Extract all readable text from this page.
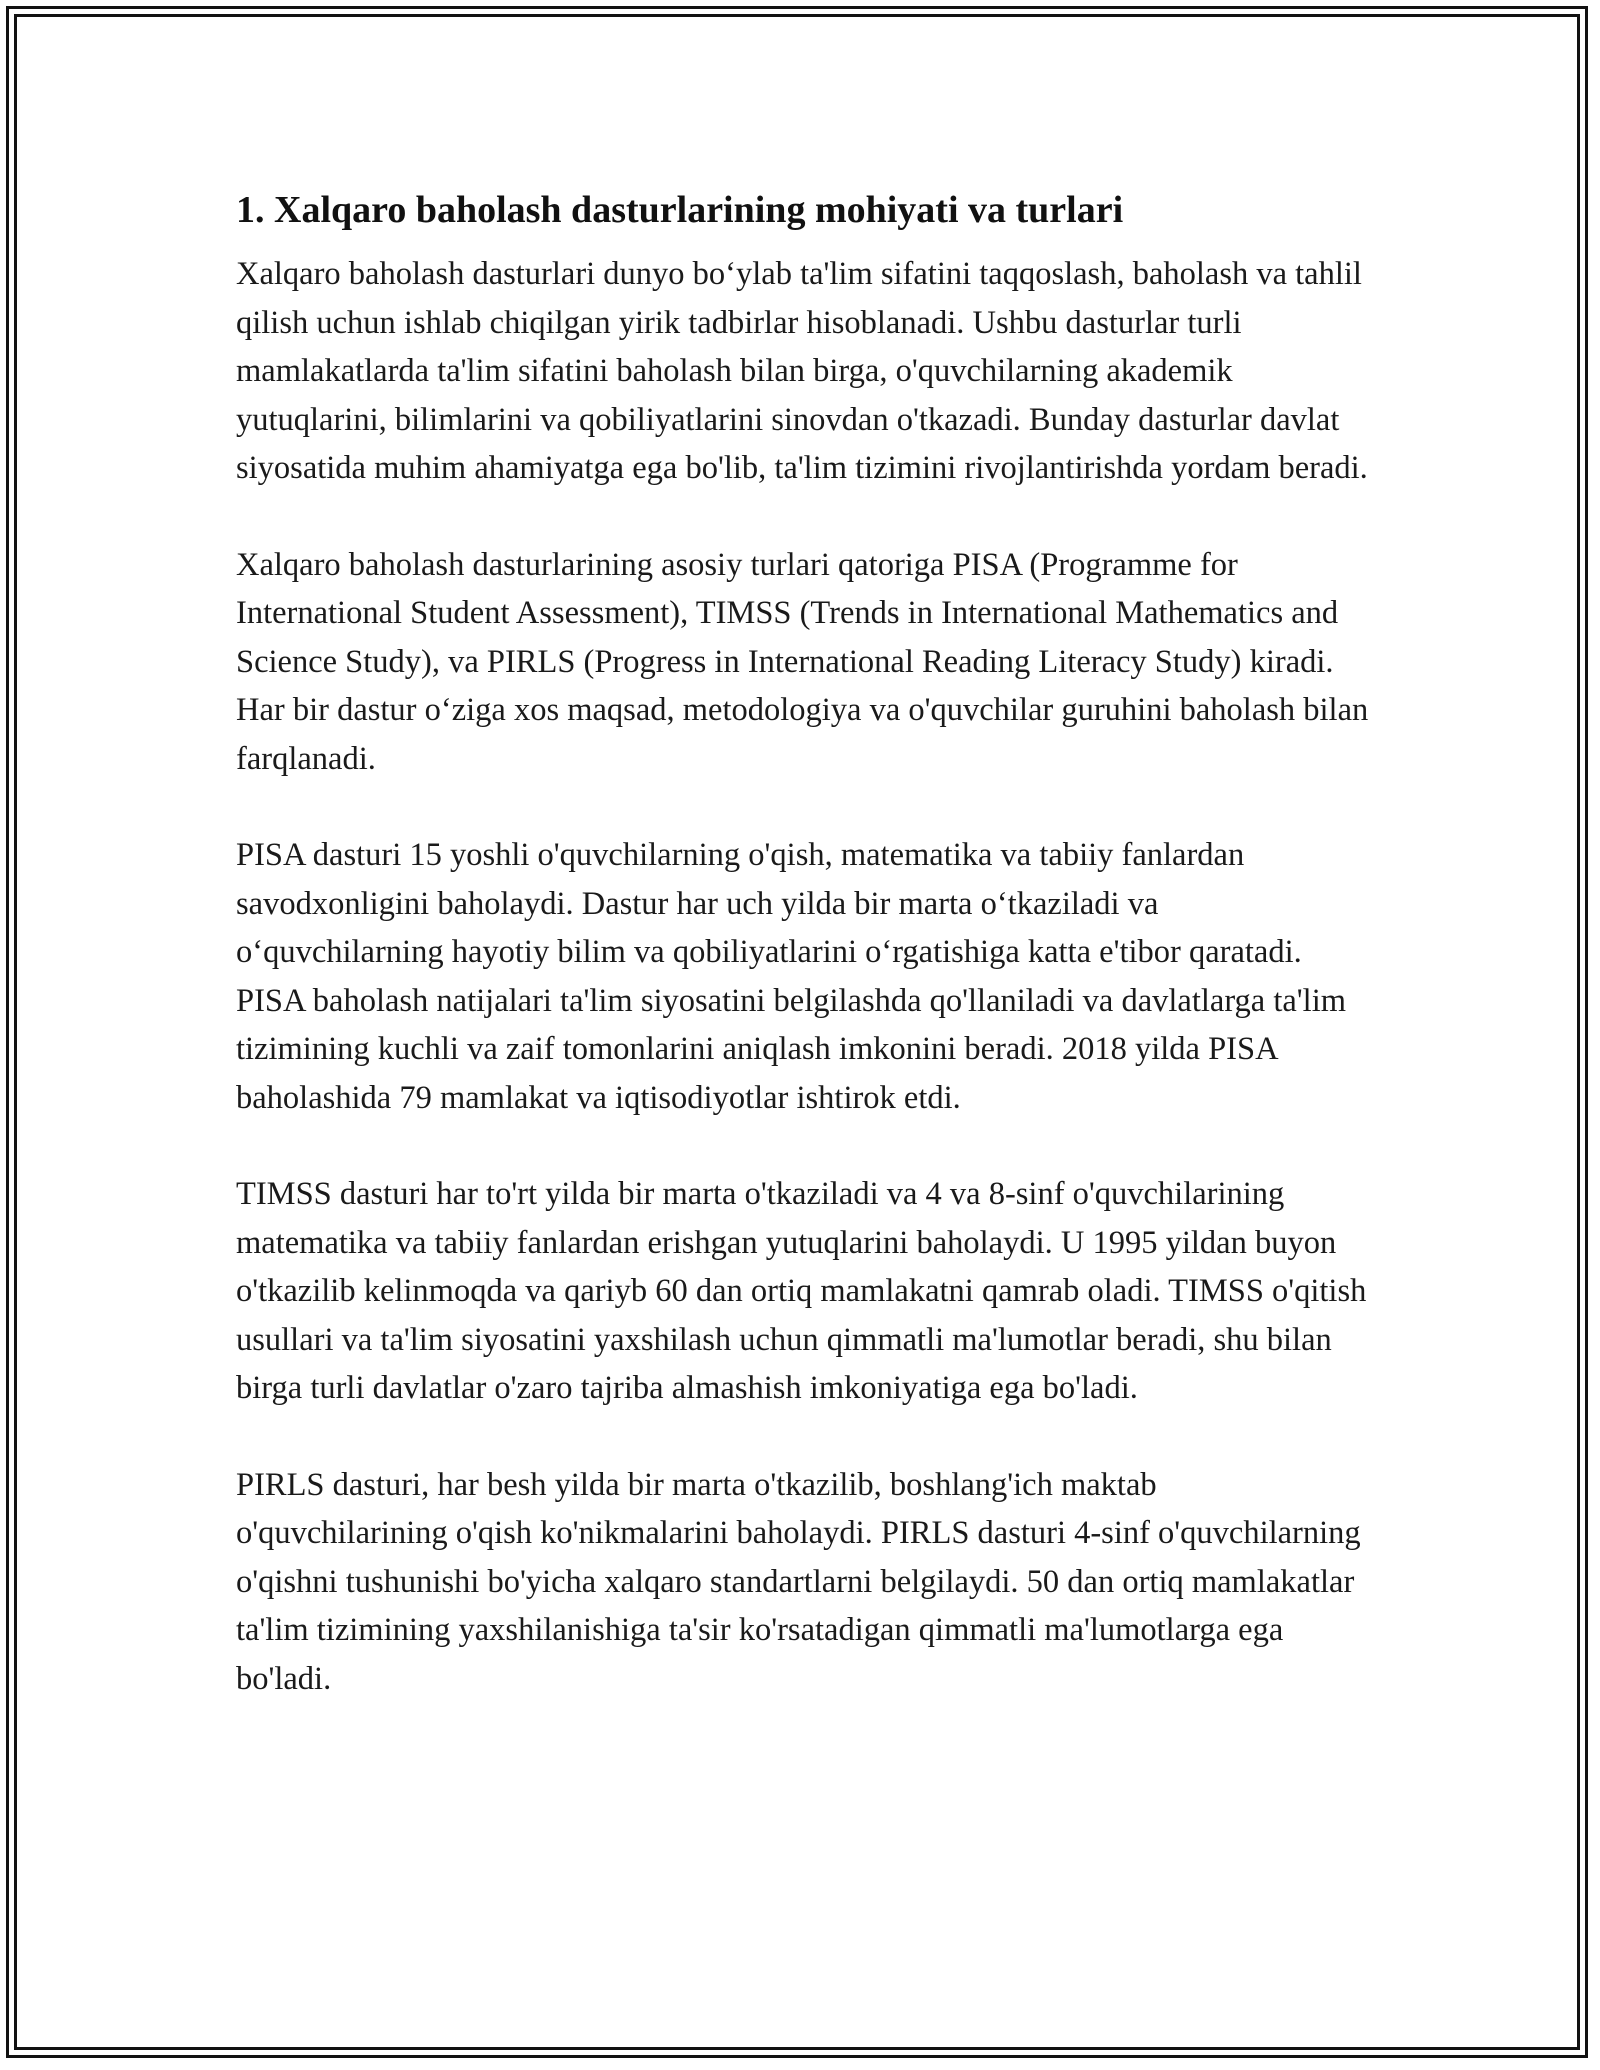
1. Xalqaro baholash dasturlarining mohiyati va turlari

Xalqaro baholash dasturlari dunyo bo‘ylab ta'lim sifatini taqqoslash, baholash va tahlil qilish uchun ishlab chiqilgan yirik tadbirlar hisoblanadi. Ushbu dasturlar turli mamlakatlarda ta'lim sifatini baholash bilan birga, o'quvchilarning akademik yutuqlarini, bilimlarini va qobiliyatlarini sinovdan o'tkazadi. Bunday dasturlar davlat siyosatida muhim ahamiyatga ega bo'lib, ta'lim tizimini rivojlantirishda yordam beradi.

Xalqaro baholash dasturlarining asosiy turlari qatoriga PISA (Programme for International Student Assessment), TIMSS (Trends in International Mathematics and Science Study), va PIRLS (Progress in International Reading Literacy Study) kiradi. Har bir dastur o‘ziga xos maqsad, metodologiya va o'quvchilar guruhini baholash bilan farqlanadi.

PISA dasturi 15 yoshli o'quvchilarning o'qish, matematika va tabiiy fanlardan savodxonligini baholaydi. Dastur har uch yilda bir marta o‘tkaziladi va o‘quvchilarning hayotiy bilim va qobiliyatlarini o‘rgatishiga katta e'tibor qaratadi. PISA baholash natijalari ta'lim siyosatini belgilashda qo'llaniladi va davlatlarga ta'lim tizimining kuchli va zaif tomonlarini aniqlash imkonini beradi. 2018 yilda PISA baholashida 79 mamlakat va iqtisodiyotlar ishtirok etdi.

TIMSS dasturi har to'rt yilda bir marta o'tkaziladi va 4 va 8-sinf o'quvchilarining matematika va tabiiy fanlardan erishgan yutuqlarini baholaydi. U 1995 yildan buyon o'tkazilib kelinmoqda va qariyb 60 dan ortiq mamlakatni qamrab oladi. TIMSS o'qitish usullari va ta'lim siyosatini yaxshilash uchun qimmatli ma'lumotlar beradi, shu bilan birga turli davlatlar o'zaro tajriba almashish imkoniyatiga ega bo'ladi.

PIRLS dasturi, har besh yilda bir marta o'tkazilib, boshlang'ich maktab o'quvchilarining o'qish ko'nikmalarini baholaydi. PIRLS dasturi 4-sinf o'quvchilarning o'qishni tushunishi bo'yicha xalqaro standartlarni belgilaydi. 50 dan ortiq mamlakatlar ta'lim tizimining yaxshilanishiga ta'sir ko'rsatadigan qimmatli ma'lumotlarga ega bo'ladi.
